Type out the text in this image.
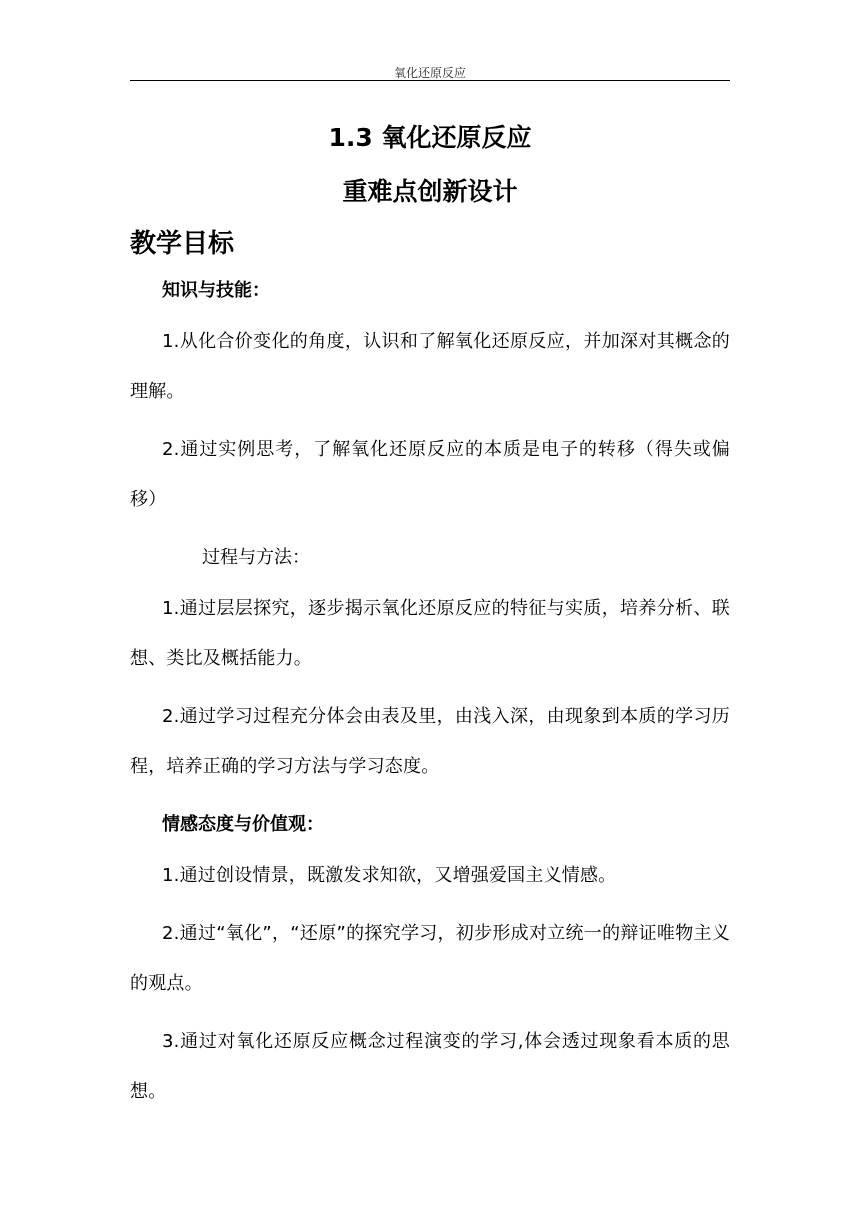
氧化还原反应
1.3 氧化还原反应
重难点创新设计
教学目标

知识与技能：

1.从化合价变化的角度，认识和了解氧化还原反应，并加深对其概念的理解。

2.通过实例思考，了解氧化还原反应的本质是电子的转移（得失或偏移）

过程与方法：

1.通过层层探究，逐步揭示氧化还原反应的特征与实质，培养分析、联想、类比及概括能力。

2.通过学习过程充分体会由表及里，由浅入深，由现象到本质的学习历程，培养正确的学习方法与学习态度。

情感态度与价值观：

1.通过创设情景，既激发求知欲，又增强爱国主义情感。

2.通过“氧化”，“还原”的探究学习，初步形成对立统一的辩证唯物主义的观点。

3.通过对氧化还原反应概念过程演变的学习,体会透过现象看本质的思想。
